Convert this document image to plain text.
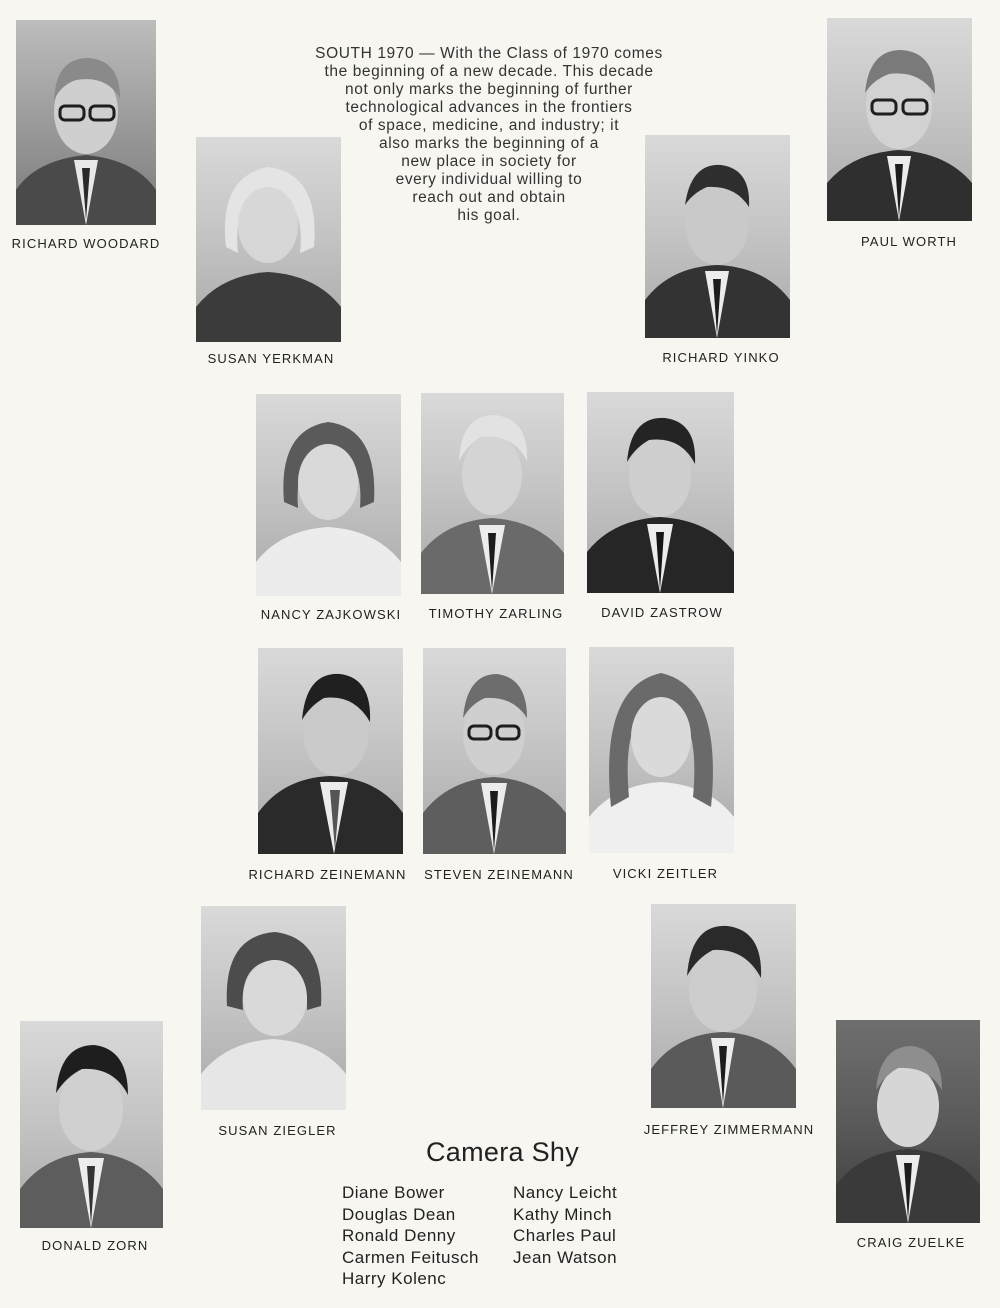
SOUTH 1970 — With the Class of 1970 comes
the beginning of a new decade. This decade
not only marks the beginning of further
technological advances in the frontiers
of space, medicine, and industry; it
also marks the beginning of a
new place in society for
every individual willing to
reach out and obtain
his goal.
RICHARD WOODARD
SUSAN YERKMAN	RICHARD YINKO
PAUL WORTH
NANCY ZAJKOWSKI	TIMOTHY ZARLING	DAVID ZASTROW
RICHARD ZEINEMANN	STEVEN ZEINEMANN	VICKI ZEITLER
SUSAN ZIEGLER	JEFFREY ZIMMERMANN
DONALD ZORN	CRAIG ZUELKE
Camera Shy
Diane Bower
Douglas Dean
Ronald Denny
Carmen Feitusch
Harry Kolenc
Nancy Leicht
Kathy Minch
Charles Paul
Jean Watson
